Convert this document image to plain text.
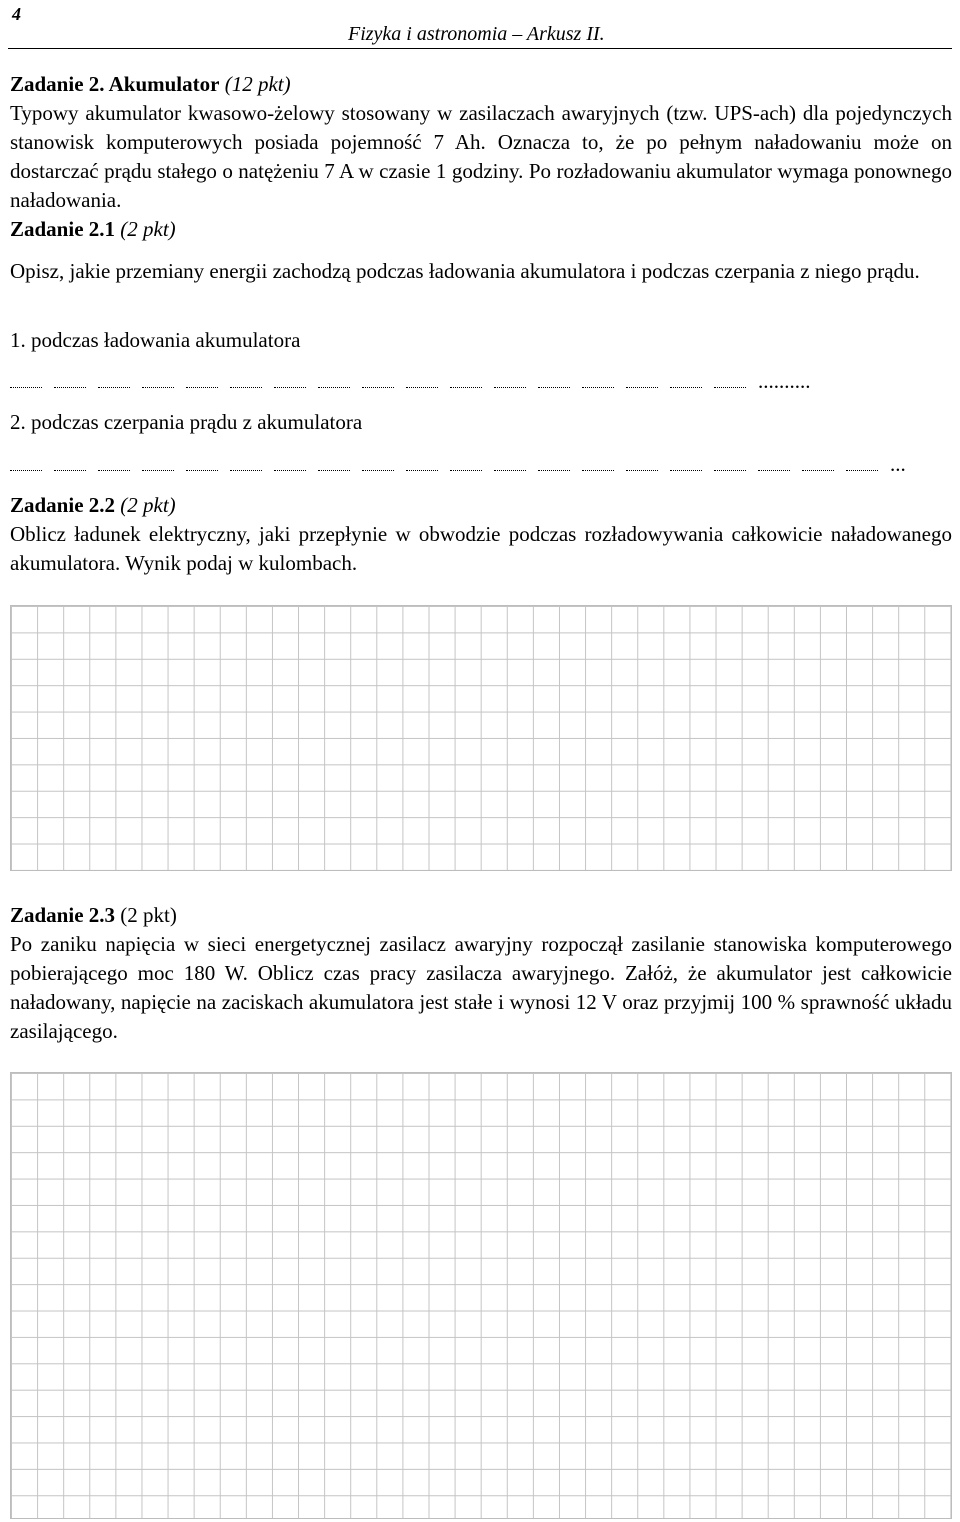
4
Fizyka i astronomia – Arkusz II.
Zadanie 2. Akumulator (12 pkt)
Typowy akumulator kwasowo-żelowy stosowany w zasilaczach awaryjnych (tzw. UPS-ach) dla pojedynczych stanowisk komputerowych posiada pojemność 7 Ah. Oznacza to, że po pełnym naładowaniu może on dostarczać prądu stałego o natężeniu 7 A w czasie 1 godziny. Po rozładowaniu akumulator wymaga ponownego naładowania.
Zadanie 2.1 (2 pkt)
Opisz, jakie przemiany energii zachodzą podczas ładowania akumulatora i podczas czerpania z niego prądu.
1. podczas ładowania akumulatora
..........
2. podczas czerpania prądu z akumulatora
...
Zadanie 2.2 (2 pkt)
Oblicz ładunek elektryczny, jaki przepłynie w obwodzie podczas rozładowywania całkowicie naładowanego akumulatora. Wynik podaj w kulombach.
Zadanie 2.3 (2 pkt)
Po zaniku napięcia w sieci energetycznej zasilacz awaryjny rozpoczął zasilanie stanowiska komputerowego pobierającego moc 180 W. Oblicz czas pracy zasilacza awaryjnego. Załóż, że akumulator jest całkowicie naładowany, napięcie na zaciskach akumulatora jest stałe i wynosi 12 V oraz przyjmij 100 % sprawność układu zasilającego.
